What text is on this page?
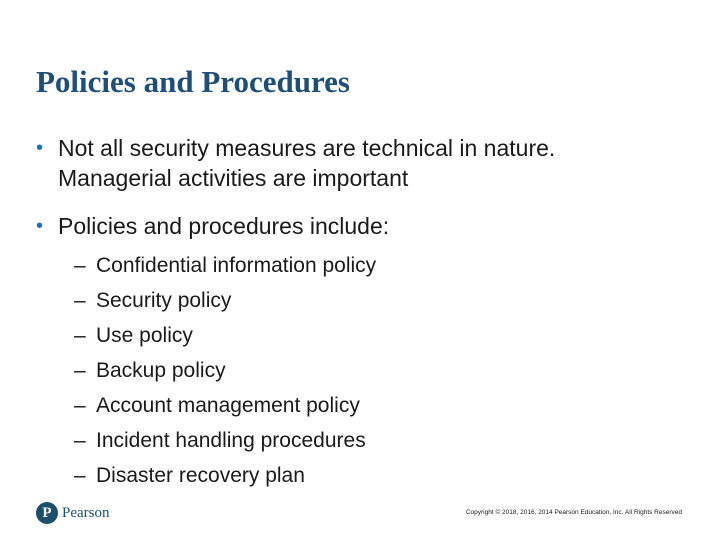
Policies and Procedures
• Not all security measures are technical in nature.
Managerial activities are important
• Policies and procedures include:
– Confidential information policy
– Security policy
– Use policy
– Backup policy
– Account management policy
– Incident handling procedures
– Disaster recovery plan
P Pearson	Copyright © 2018, 2016, 2014 Pearson Education, Inc. All Rights Reserved
